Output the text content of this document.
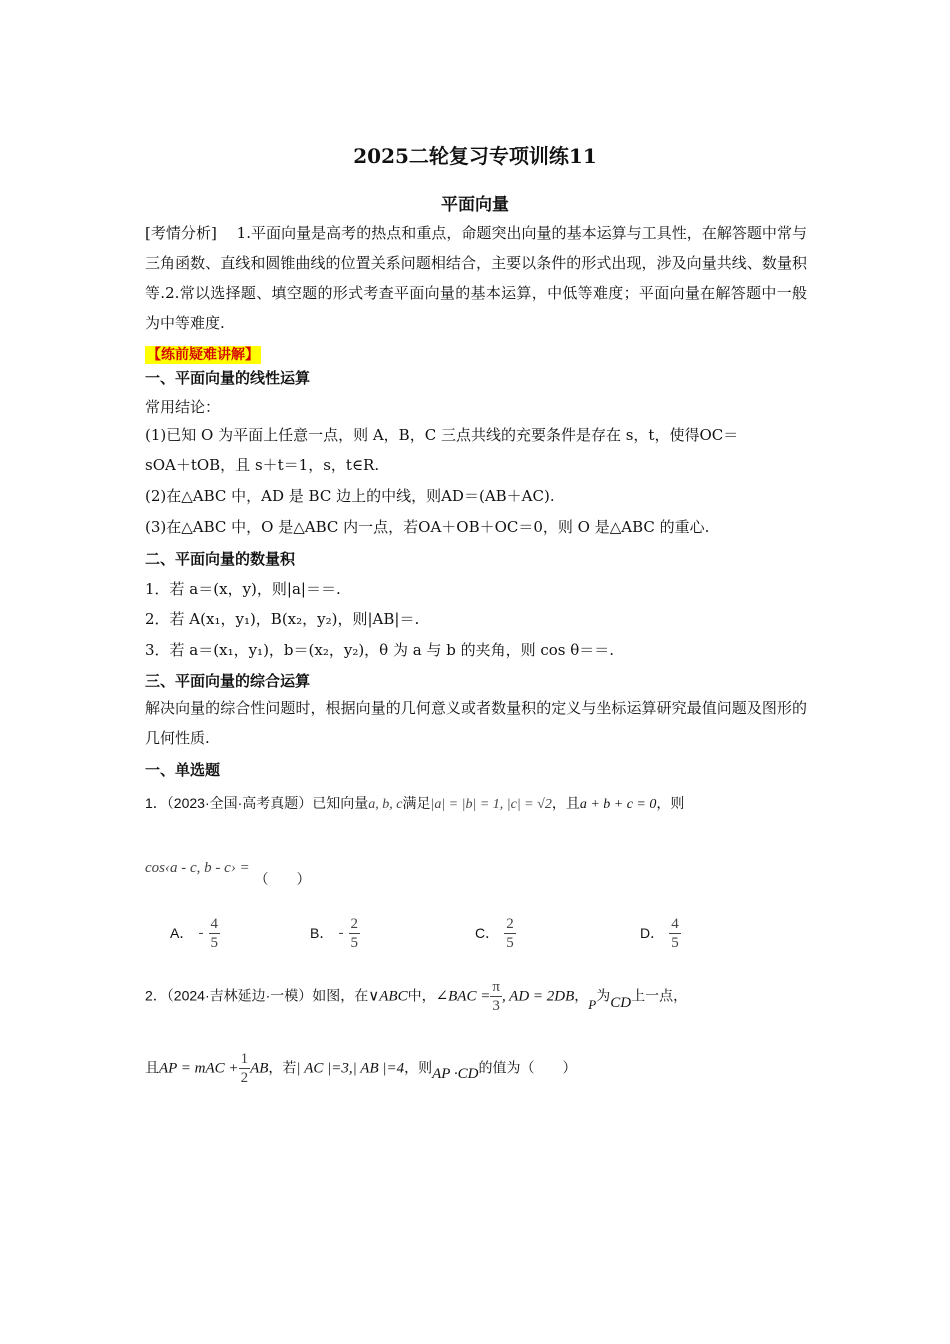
2025二轮复习专项训练11
平面向量
[考情分析]　 1.平面向量是高考的热点和重点，命题突出向量的基本运算与工具性，在解答题中常与三角函数、直线和圆锥曲线的位置关系问题相结合，主要以条件的形式出现，涉及向量共线、数量积等.2.常以选择题、填空题的形式考查平面向量的基本运算，中低等难度；平面向量在解答题中一般为中等难度.
【练前疑难讲解】
一、平面向量的线性运算
常用结论：
(1)已知 O 为平面上任意一点，则 A，B，C 三点共线的充要条件是存在 s，t，使得OC＝
sOA＋tOB，且 s＋t＝1，s，t∈R.
(2)在△ABC 中，AD 是 BC 边上的中线，则AD＝(AB＋AC).
(3)在△ABC 中，O 是△ABC 内一点，若OA＋OB＋OC＝0，则 O 是△ABC 的重心.
二、平面向量的数量积
1．若 a＝(x，y)，则|a|＝＝.
2．若 A(x₁，y₁)，B(x₂，y₂)，则|AB|＝.
3．若 a＝(x₁，y₁)，b＝(x₂，y₂)，θ 为 a 与 b 的夹角，则 cos θ＝＝.
三、平面向量的综合运算
解决向量的综合性问题时，根据向量的几何意义或者数量积的定义与坐标运算研究最值问题及图形的几何性质.
一、单选题
1．（2023·全国·高考真题）已知向量a, b, c满足|a| = |b| = 1, |c| = √2，且a + b + c = 0，则
cos‹a - c, b - c› = （　　）
A． - $\frac{4}{5}$	B． - $\frac{2}{5}$	C． $\frac{2}{5}$	D． $\frac{4}{5}$
2．（2024·吉林延边·一模）如图，在∨ABC中，∠BAC = $\frac{\pi}{3}$ , AD = 2DB，P为CD上一点，
且AP = mAC + $\frac{1}{2}$ AB，若| AC |=3,| AB |=4，则AP ·CD的值为（　　）
